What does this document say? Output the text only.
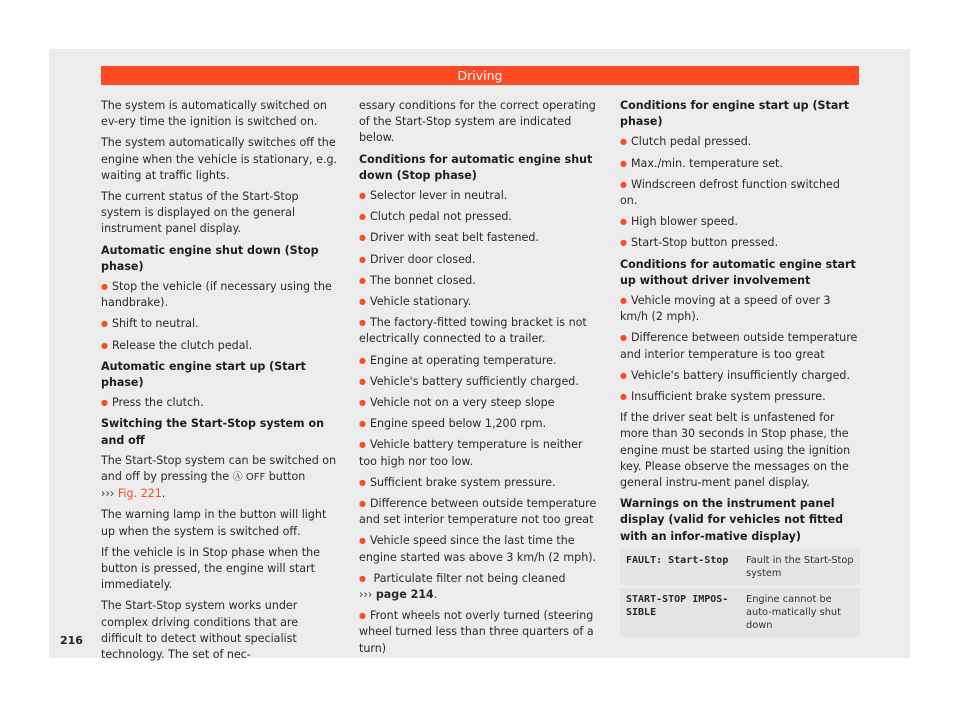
Driving

The system is automatically switched on ev-ery time the ignition is switched on.

The system automatically switches off the engine when the vehicle is stationary, e.g. waiting at traffic lights.

The current status of the Start-Stop system is displayed on the general instrument panel display.

Automatic engine shut down (Stop phase)

● Stop the vehicle (if necessary using the handbrake).

● Shift to neutral.

● Release the clutch pedal.

Automatic engine start up (Start phase)

● Press the clutch.

Switching the Start-Stop system on and off

The Start-Stop system can be switched on and off by pressing the Ⓐ OFF button
››› Fig. 221.

The warning lamp in the button will light up when the system is switched off.

If the vehicle is in Stop phase when the button is pressed, the engine will start immediately.

The Start-Stop system works under complex driving conditions that are difficult to detect without specialist technology. The set of nec-

essary conditions for the correct operating of the Start-Stop system are indicated below.

Conditions for automatic engine shut down (Stop phase)

● Selector lever in neutral.

● Clutch pedal not pressed.

● Driver with seat belt fastened.

● Driver door closed.

● The bonnet closed.

● Vehicle stationary.

● The factory-fitted towing bracket is not electrically connected to a trailer.

● Engine at operating temperature.

● Vehicle's battery sufficiently charged.

● Vehicle not on a very steep slope

● Engine speed below 1,200 rpm.

● Vehicle battery temperature is neither too high nor too low.

● Sufficient brake system pressure.

● Difference between outside temperature and set interior temperature not too great

● Vehicle speed since the last time the engine started was above 3 km/h (2 mph).

● Particulate filter not being cleaned
››› page 214.

● Front wheels not overly turned (steering wheel turned less than three quarters of a turn)

Conditions for engine start up (Start phase)

● Clutch pedal pressed.

● Max./min. temperature set.

● Windscreen defrost function switched on.

● High blower speed.

● Start-Stop button pressed.

Conditions for automatic engine start up without driver involvement

● Vehicle moving at a speed of over 3 km/h (2 mph).

● Difference between outside temperature and interior temperature is too great

● Vehicle's battery insufficiently charged.

● Insufficient brake system pressure.

If the driver seat belt is unfastened for more than 30 seconds in Stop phase, the engine must be started using the ignition key. Please observe the messages on the general instru-ment panel display.

Warnings on the instrument panel display (valid for vehicles not fitted with an infor-mative display)

FAULT: Start-Stop	Fault in the Start-Stop system
START-STOP IMPOS-SIBLE	Engine cannot be auto-matically shut down
216
